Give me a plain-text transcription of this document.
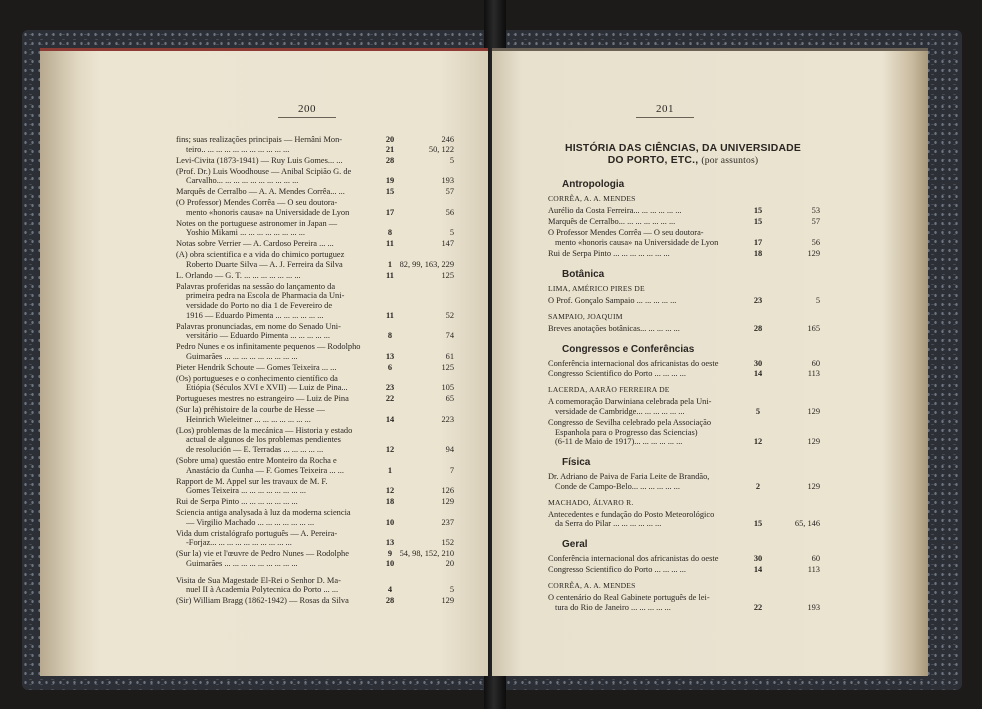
200
fins; suas realizações principais — Hernâni Mon-	20	246
teiro.. ... ... ... ... ... ... ... ... ... ...	21	50, 122
Levi-Civita (1873-1941) — Ruy Luis Gomes... ...	28	5
(Prof. Dr.) Luis Woodhouse — Anibal Scipião G. de
Carvalho... ... ... ... ... ... ... ... ... ...	19	193
Marquês de Cerralbo — A. A. Mendes Corrêa... ...	15	57
(O Professor) Mendes Corrêa — O seu doutora-
mento «honoris causa» na Universidade de Lyon	17	56
Notes on the portuguese astronomer in Japan —
Yoshio Mikami ... ... ... ... ... ... ... ...	8	5
Notas sobre Verrier — A. Cardoso Pereira ... ...	11	147
(A) obra scientifica e a vida do chimico portuguez
Roberto Duarte Silva — A. J. Ferreira da Silva	1 82, 99, 163, 229
L. Orlando — G. T. ... ... ... ... ... ... ...	11	125
Palavras proferidas na sessão do lançamento da
primeira pedra na Escola de Pharmacia da Uni-
versidade do Porto no dia 1 de Fevereiro de
1916 — Eduardo Pimenta ... ... ... ... ... ...	11	52
Palavras pronunciadas, em nome do Senado Uni-
versitário — Eduardo Pimenta ... ... ... ... ...	8	74
Pedro Nunes e os infinitamente pequenos — Rodolpho
Guimarães ... ... ... ... ... ... ... ... ...	13	61
Pieter Hendrik Schoute — Gomes Teixeira ... ...	6	125
(Os) portugueses e o conhecimento científico da
Etiópia (Séculos XVI e XVII) — Luiz de Pina...	23	105
Portugueses mestres no estrangeiro — Luiz de Pina	22	65
(Sur la) préhistoire de la courbe de Hesse —
Heinrich Wieleitner ... ... ... ... ... ... ...	14	223
(Los) problemas de la mecánica — Historia y estado
actual de algunos de los problemas pendientes
de resolución — E. Terradas ... ... ... ... ...	12	94
(Sobre uma) questão entre Monteiro da Rocha e
Anastácio da Cunha — F. Gomes Teixeira ... ...	1	7
Rapport de M. Appel sur les travaux de M. F.
Gomes Teixeira ... ... ... ... ... ... ... ...	12	126
Rui de Serpa Pinto ... ... ... ... ... ... ...	18	129
Sciencia antiga analysada à luz da moderna sciencia
— Virgilio Machado ... ... ... ... ... ... ...	10	237
Vida dum cristalógrafo português — A. Pereira-
-Forjaz... ... ... ... ... ... ... ... ... ...	13	152
(Sur la) vie et l'œuvre de Pedro Nunes — Rodolphe	9 54, 98, 152, 210
Guimarães ... ... ... ... ... ... ... ... ...	10	20
Visita de Sua Magestade El-Rei o Senhor D. Ma-
nuel II à Academia Polytecnica do Porto ... ...	4	5
(Sir) William Bragg (1862-1942) — Rosas da Silva	28	129
201
HISTÓRIA DAS CIÊNCIAS, DA UNIVERSIDADE
DO PORTO, ETC., (por assuntos)
Antropologia
CORRÊA, A. A. MENDES
Aurélio da Costa Ferreira... ... ... ... ... ...	15	53
Marquês de Cerralbo... ... ... ... ... ... ...	15	57
O Professor Mendes Corrêa — O seu doutora-
mento «honoris causa» na Universidade de Lyon	17	56
Rui de Serpa Pinto ... ... ... ... ... ... ...	18	129
Botânica
LIMA, AMÉRICO PIRES DE
O Prof. Gonçalo Sampaio ... ... ... ... ...	23	5
SAMPAIO, JOAQUIM
Breves anotações botânicas... ... ... ... ...	28	165
Congressos e Conferências
Conferência internacional dos africanistas do oeste	30	60
Congresso Scientifico do Porto ... ... ... ...	14	113
LACERDA, AARÃO FERREIRA DE
A comemoração Darwiniana celebrada pela Uni-
versidade de Cambridge... ... ... ... ... ...	5	129
Congresso de Sevilha celebrado pela Associação
Espanhola para o Progresso das Sciencias)
(6-11 de Maio de 1917)... ... ... ... ... ...	12	129
Física
Dr. Adriano de Paiva de Faria Leite de Brandão,
Conde de Campo-Belo... ... ... ... ... ...	2	129
MACHADO, ÁLVARO R.
Antecedentes e fundação do Posto Meteorológico
da Serra do Pilar ... ... ... ... ... ...	15	65, 146
Geral
Conferência internacional dos africanistas do oeste	30	60
Congresso Scientifico do Porto ... ... ... ...	14	113
CORRÊA, A. A. MENDES
O centenário do Real Gabinete português de lei-
tura do Rio de Janeiro ... ... ... ... ...	22	193
